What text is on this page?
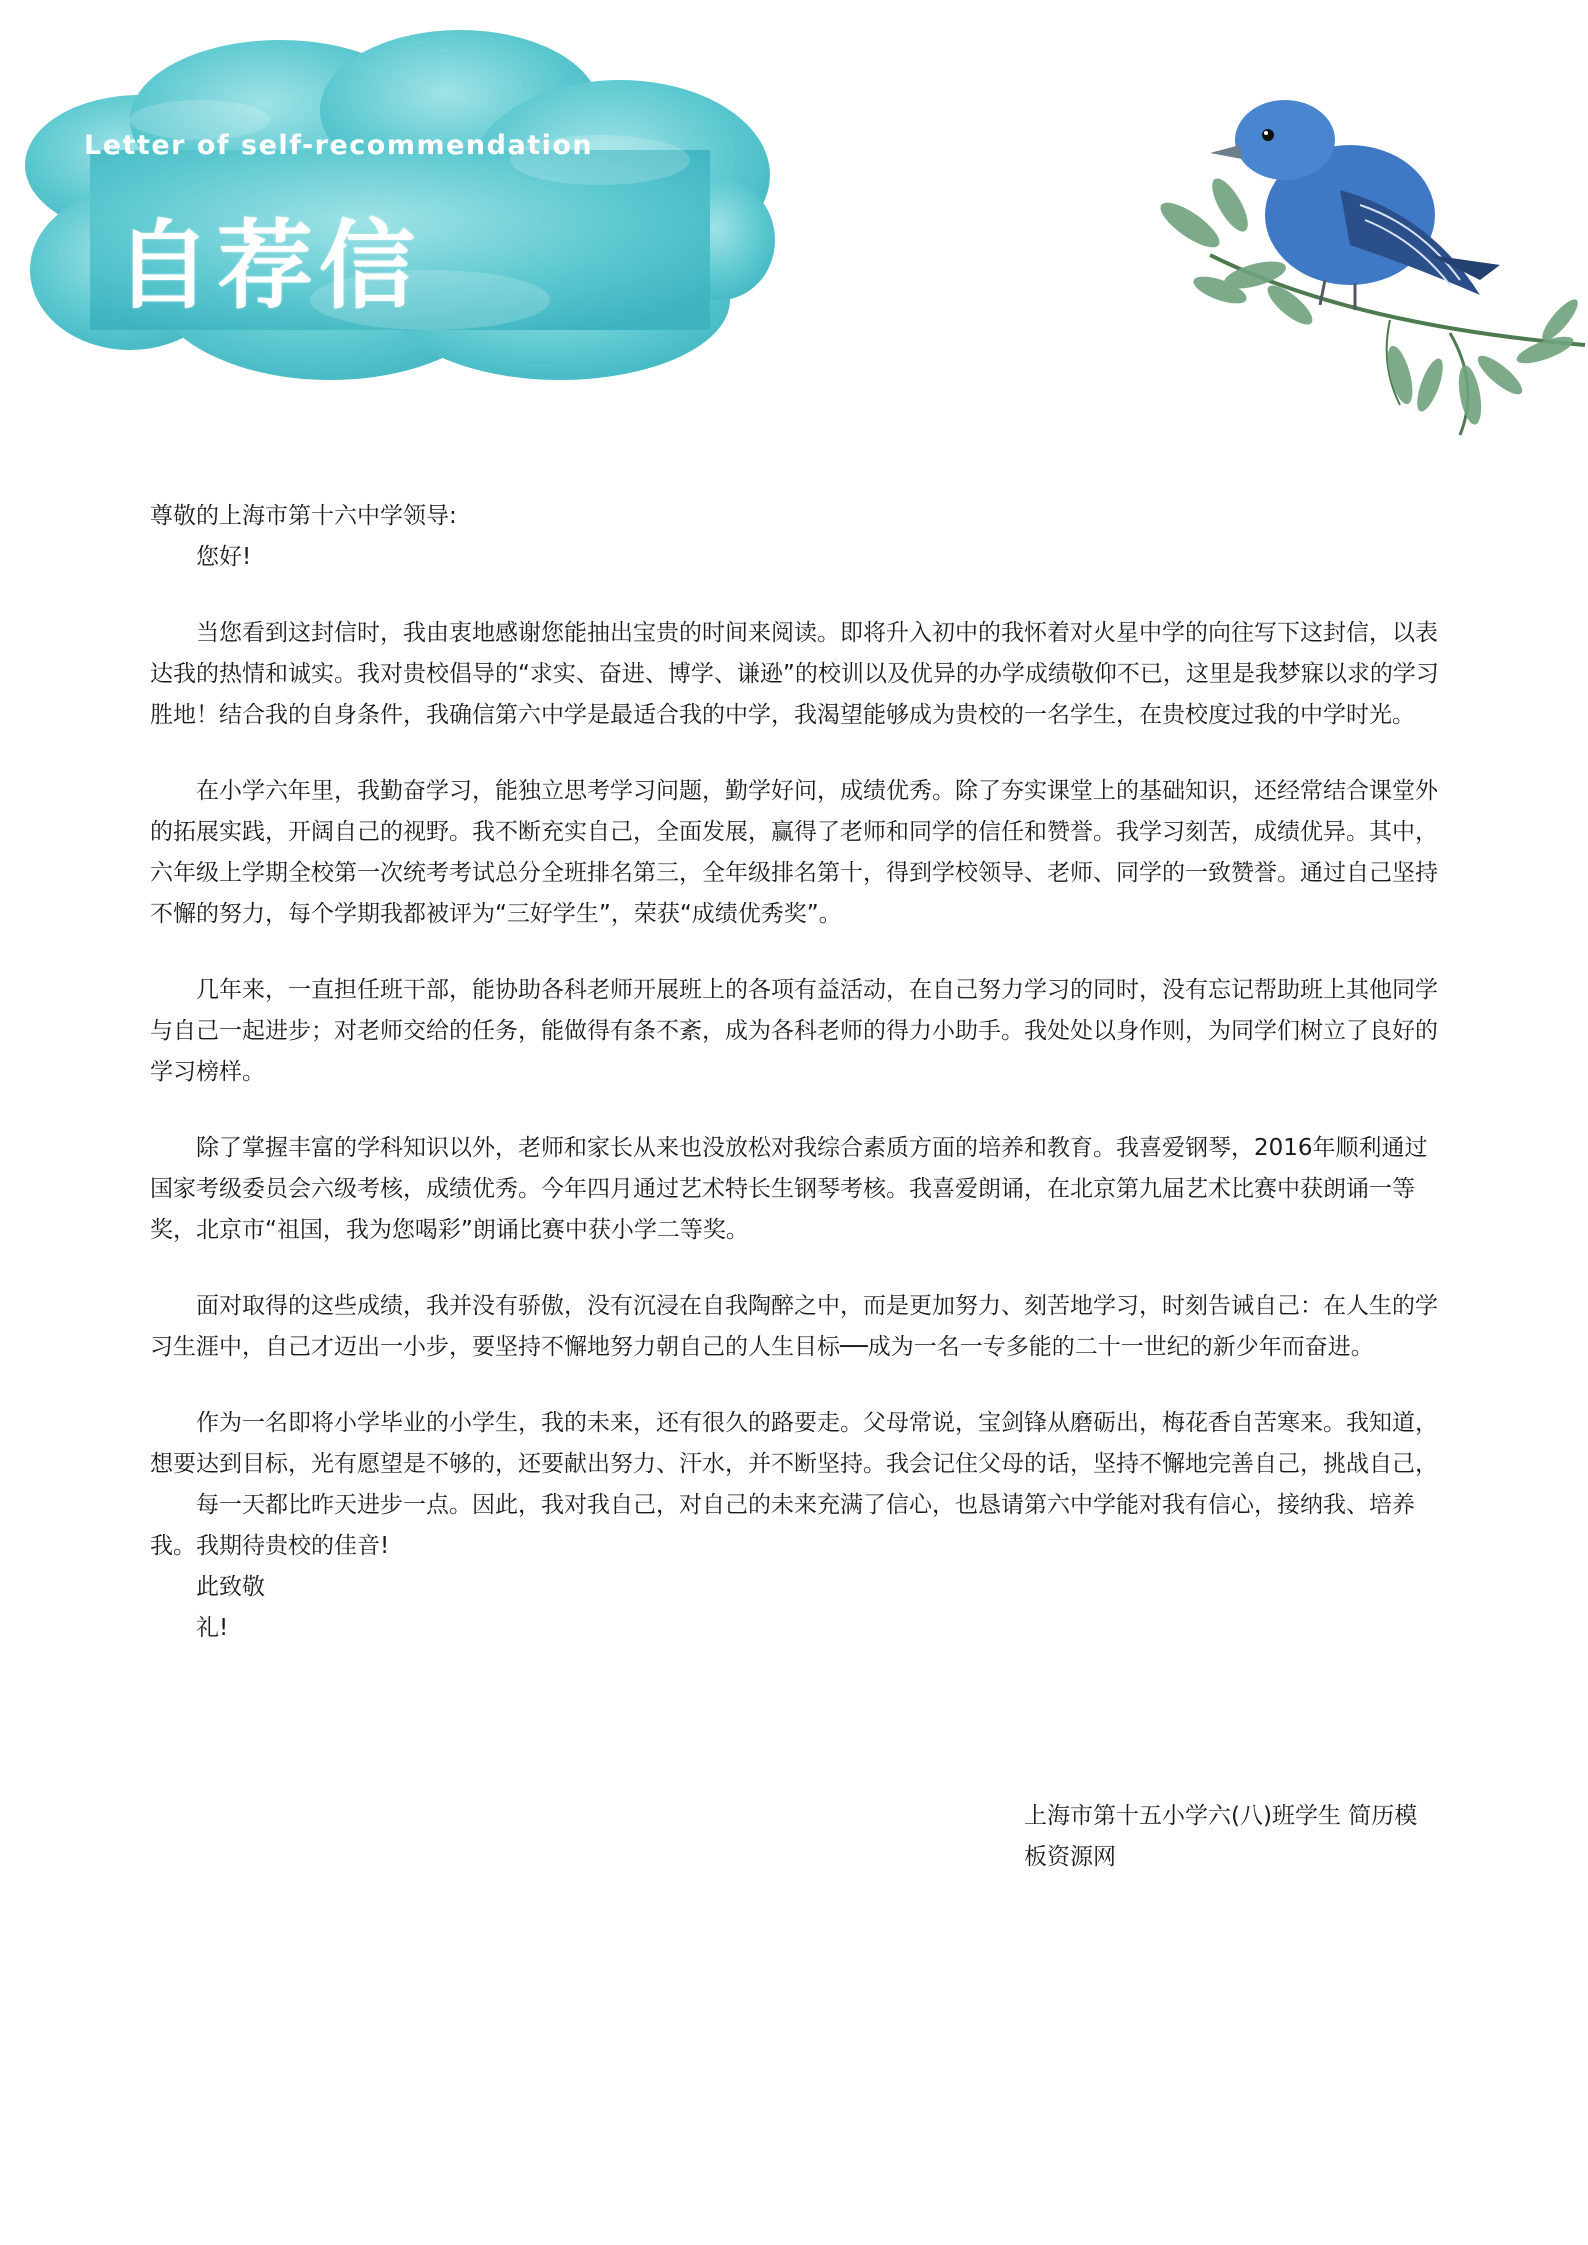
Letter of self-recommendation
自荐信

尊敬的上海市第十六中学领导:

您好!

当您看到这封信时，我由衷地感谢您能抽出宝贵的时间来阅读。即将升入初中的我怀着对火星中学的向往写下这封信，以表达我的热情和诚实。我对贵校倡导的“求实、奋进、博学、谦逊”的校训以及优异的办学成绩敬仰不已，这里是我梦寐以求的学习胜地！结合我的自身条件，我确信第六中学是最适合我的中学，我渴望能够成为贵校的一名学生，在贵校度过我的中学时光。

在小学六年里，我勤奋学习，能独立思考学习问题，勤学好问，成绩优秀。除了夯实课堂上的基础知识，还经常结合课堂外的拓展实践，开阔自己的视野。我不断充实自己，全面发展，赢得了老师和同学的信任和赞誉。我学习刻苦，成绩优异。其中，六年级上学期全校第一次统考考试总分全班排名第三，全年级排名第十，得到学校领导、老师、同学的一致赞誉。通过自己坚持不懈的努力，每个学期我都被评为“三好学生”，荣获“成绩优秀奖”。

几年来，一直担任班干部，能协助各科老师开展班上的各项有益活动，在自己努力学习的同时，没有忘记帮助班上其他同学与自己一起进步；对老师交给的任务，能做得有条不紊，成为各科老师的得力小助手。我处处以身作则，为同学们树立了良好的学习榜样。

除了掌握丰富的学科知识以外，老师和家长从来也没放松对我综合素质方面的培养和教育。我喜爱钢琴，2016年顺利通过国家考级委员会六级考核，成绩优秀。今年四月通过艺术特长生钢琴考核。我喜爱朗诵，在北京第九届艺术比赛中获朗诵一等奖，北京市“祖国，我为您喝彩”朗诵比赛中获小学二等奖。

面对取得的这些成绩，我并没有骄傲，没有沉浸在自我陶醉之中，而是更加努力、刻苦地学习，时刻告诫自己：在人生的学习生涯中，自己才迈出一小步，要坚持不懈地努力朝自己的人生目标──成为一名一专多能的二十一世纪的新少年而奋进。

作为一名即将小学毕业的小学生，我的未来，还有很久的路要走。父母常说，宝剑锋从磨砺出，梅花香自苦寒来。我知道，想要达到目标，光有愿望是不够的，还要献出努力、汗水，并不断坚持。我会记住父母的话，坚持不懈地完善自己，挑战自己，

每一天都比昨天进步一点。因此，我对我自己，对自己的未来充满了信心，也恳请第六中学能对我有信心，接纳我、培养我。我期待贵校的佳音!

此致敬

礼!

上海市第十五小学六(八)班学生 简历模

板资源网
